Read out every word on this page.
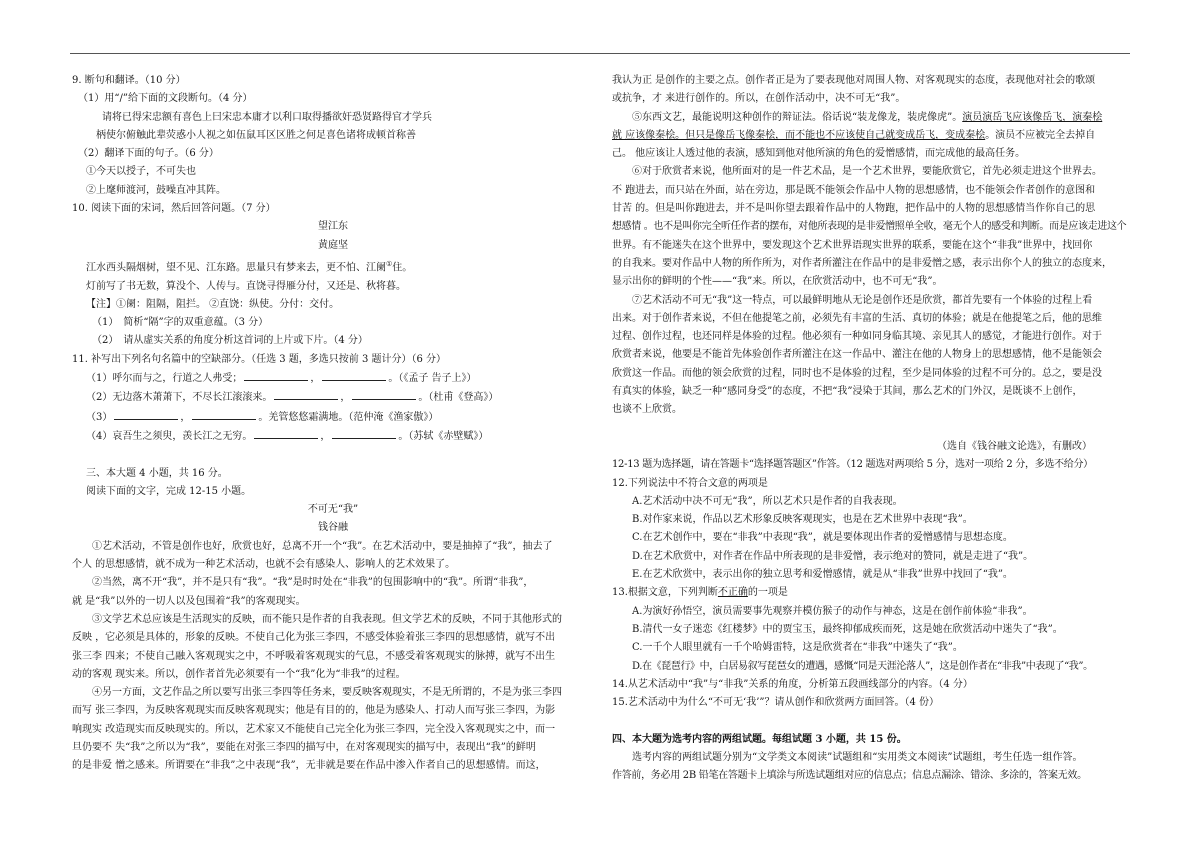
9. 断句和翻译。（10 分）

（1）用“/”给下面的文段断句。（4 分）

请将已得宋忠额有喜色上曰宋忠本庸才以利口取得播欲奸恐贤路得官才学兵

柄使尔俯触此辈荧惑小人视之如伍鼠耳区区胜之何足喜色诸将成顿首称善

（2）翻译下面的句子。（6 分）

①今天以授子，不可失也

②上麾师渡河，鼓噪直冲其阵。

10. 阅读下面的宋词，然后回答问题。（7 分）

望江东

黄庭坚

江水西头隔烟树，望不见、江东路。思量只有梦来去，更不怕、江阑①住。

灯前写了书无数，算没个、人传与。直饶寻得雁分付，又还是、秋将暮。

【注】①阑：阻隔，阻拦。 ②直饶：纵使。分付：交付。

（1）　简析“隔”字的双重意蕴。（3 分）

（2）　请从虚实关系的角度分析这首词的上片或下片。（4 分）

11. 补写出下列名句名篇中的空缺部分。（任选 3 题，多选只按前 3 题计分）（6 分）

（1）呼尔而与之，行道之人弗受；	，	。（《孟子 告子上》）

（2）无边落木萧萧下，不尽长江滚滚来。	，	。（杜甫《登高》）

（3）	，	。羌管悠悠霜满地。（范仲淹《渔家傲》）

（4）哀吾生之须臾，羡长江之无穷。	，	。（苏轼《赤壁赋》）

三、本大题 4 小题，共 16 分。

阅读下面的文字，完成 12-15 小题。

不可无“我”

钱谷融

①艺术活动，不管是创作也好，欣赏也好，总离不开一个“我”。在艺术活动中，要是抽掉了“我”，抽去了

个人 的思想感情，就不成为一种艺术活动，也就不会有感染人、影响人的艺术效果了。

②当然，离不开“我”，并不是只有“我”。“我”是时时处在“非我”的包围影响中的“我”。所谓“非我”，

就 是“我”以外的一切人以及包围着“我”的客观现实。

③文学艺术总应该是生活现实的反映，而不能只是作者的自我表现。但文学艺术的反映，不同于其他形式的

反映 ，它必须是具体的，形象的反映。不使自己化为张三李四，不感受体验着张三李四的思想感情，就写不出

张三李 四来；不使自己融入客观现实之中，不呼吸着客观现实的气息，不感受着客观现实的脉搏，就写不出生

动的客观 现实来。所以，创作者首先必须要有一个“我”化为“非我”的过程。

④另一方面，文艺作品之所以要写出张三李四等任务来，要反映客观现实，不是无所谓的，不是为张三李四

而写 张三李四，为反映客观现实而反映客观现实；他是有目的的，他是为感染人、打动人而写张三李四，为影

响现实 改造现实而反映现实的。所以，艺术家又不能使自己完全化为张三李四，完全没入客观现实之中，而一

旦仍要不 失“我”之所以为“我”，要能在对张三李四的描写中，在对客观现实的描写中，表现出“我”的鲜明

的是非爱 憎之感来。所谓要在“非我”之中表现“我”，无非就是要在作品中渗入作者自己的思想感情。而这，

我认为正 是创作的主要之点。创作者正是为了要表现他对周围人物、对客观现实的态度，表现他对社会的歌颂

或抗争，才 来进行创作的。所以，在创作活动中，决不可无“我”。

⑤东西文艺，最能说明这种创作的辩证法。俗话说“装龙像龙，装虎像虎”。演员演岳飞应该像岳飞，演秦桧

就 应该像秦桧。但只是像岳飞像秦桧，而不能也不应该使自己就变成岳飞，变成秦桧。演员不应被完全去掉自

己。 他应该让人透过他的表演，感知到他对他所演的角色的爱憎感情，而完成他的最高任务。

⑥对于欣赏者来说，他所面对的是一件艺术品，是一个艺术世界，要能欣赏它，首先必须走进这个世界去。

不 跑进去，而只站在外面，站在旁边，那是既不能领会作品中人物的思想感情，也不能领会作者创作的意图和

甘苦 的。但是叫你跑进去，并不是叫你望去跟着作品中的人物跑，把作品中的人物的思想感情当作你自己的思

想感情 。也不是叫你完全听任作者的摆布，对他所表现的是非爱憎照单全收，毫无个人的感受和判断。而是应该走进这个

世界。有不能迷失在这个世界中，要发现这个艺术世界语现实世界的联系，要能在这个“非我”世界中，找回你

的自我来。要对作品中人物的所作所为，对作者所灌注在作品中的是非爱憎之感，表示出你个人的独立的态度来，

显示出你的鲜明的个性——“我”来。所以，在欣赏活动中，也不可无“我”。

⑦艺术活动不可无“我”这一特点，可以最鲜明地从无论是创作还是欣赏，都首先要有一个体验的过程上看

出来。对于创作者来说，不但在他提笔之前，必须先有丰富的生活、真切的体验；就是在他提笔之后，他的思维

过程、创作过程，也还同样是体验的过程。他必须有一种如同身临其境、亲见其人的感觉，才能进行创作。对于

欣赏者来说，他要是不能首先体验创作者所灌注在这一作品中、灌注在他的人物身上的思想感情，他不是能领会

欣赏这一作品。而他的领会欣赏的过程，同时也不是体验的过程，至少是同体验的过程不可分的。总之，要是没

有真实的体验，缺乏一种“感同身受”的态度，不把“我”浸染于其间，那么艺术的门外汉，是既谈不上创作，

也谈不上欣赏。

（选自《钱谷融文论选》，有删改）

12-13 题为选择题，请在答题卡“选择题答题区”作答。（12 题选对两项给 5 分，选对一项给 2 分，多选不给分）

12.下列说法中不符合文意的两项是

A.艺术活动中决不可无“我”，所以艺术只是作者的自我表现。

B.对作家来说，作品以艺术形象反映客观现实，也是在艺术世界中表现“我”。

C.在艺术创作中，要在“非我”中表现“我”，就是要体现出作者的爱憎感情与思想态度。

D.在艺术欣赏中，对作者在作品中所表现的是非爱憎，表示绝对的赞同，就是走进了“我”。

E.在艺术欣赏中，表示出你的独立思考和爱憎感情，就是从“非我”世界中找回了“我”。

13.根据文意，下列判断不正确的一项是

A.为演好孙悟空，演员需要事先观察并模仿猴子的动作与神态，这是在创作前体验“非我”。

B.清代一女子迷恋《红楼梦》中的贾宝玉，最终抑郁成疾而死，这是她在欣赏活动中迷失了“我”。

C.一千个人眼里就有一千个哈姆雷特，这是欣赏者在“非我”中迷失了“我”。

D.在《琵琶行》中，白居易叙写琵琶女的遭遇，感慨“同是天涯沦落人”，这是创作者在“非我”中表现了“我”。

14.从艺术活动中“我”与“非我”关系的角度，分析第五段画线部分的内容。（4 分）

15.艺术活动中为什么“不可无‘我’”？请从创作和欣赏两方面回答。（4 份）

四、本大题为选考内容的两组试题。每组试题 3 小题，共 15 份。

选考内容的两组试题分别为“文学类文本阅读”试题组和“实用类文本阅读”试题组，考生任选一组作答。

作答前，务必用 2B 铅笔在答题卡上填涂与所选试题组对应的信息点；信息点漏涂、错涂、多涂的，答案无效。
